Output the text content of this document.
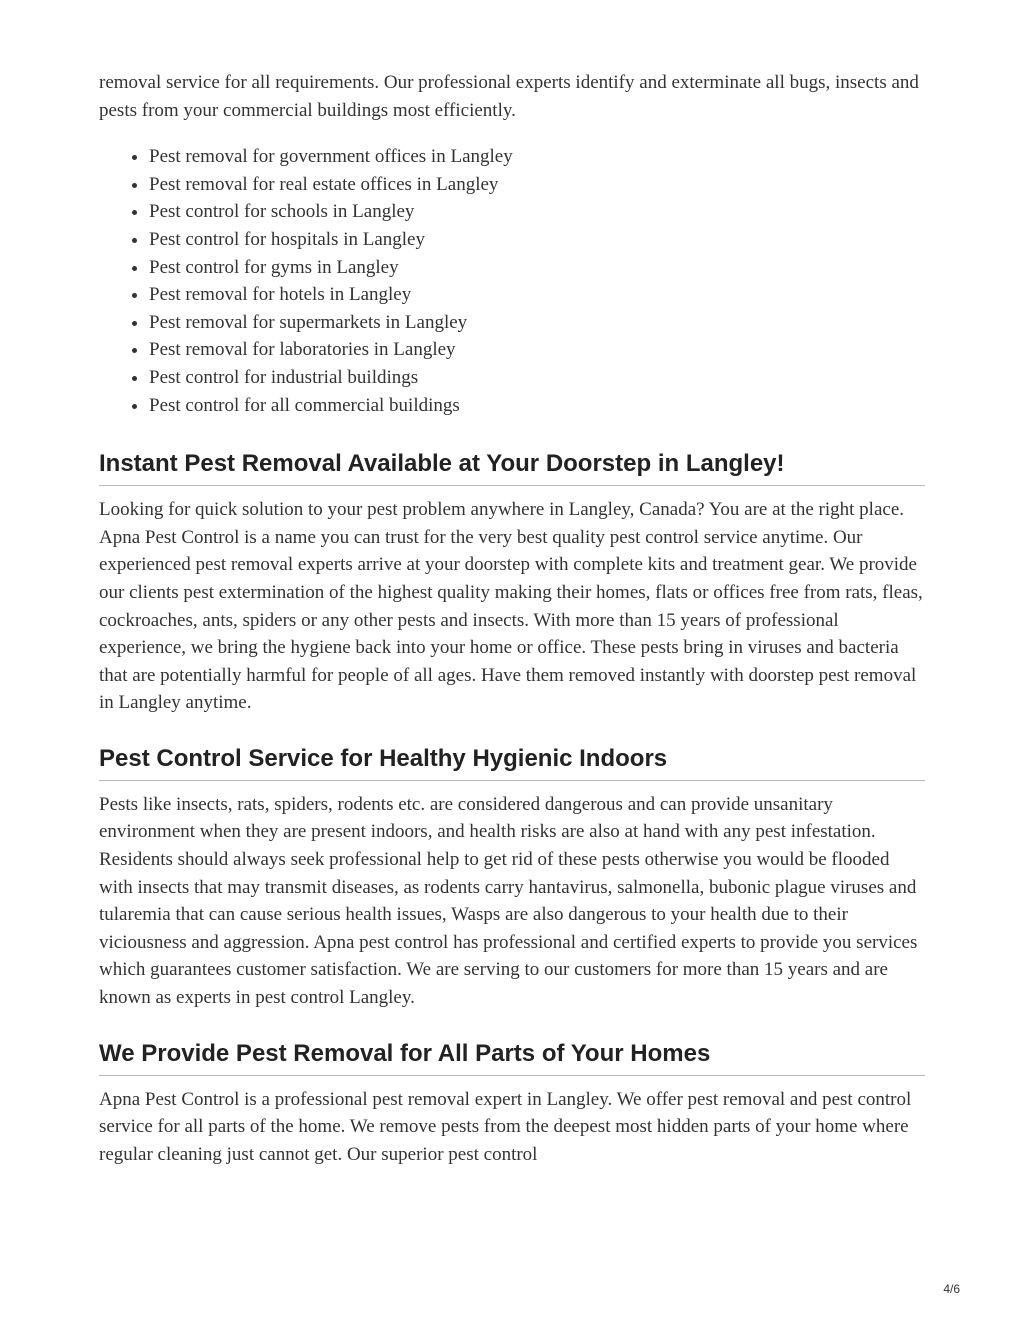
removal service for all requirements. Our professional experts identify and exterminate all bugs, insects and pests from your commercial buildings most efficiently.

• Pest removal for government offices in Langley
• Pest removal for real estate offices in Langley
• Pest control for schools in Langley
• Pest control for hospitals in Langley
• Pest control for gyms in Langley
• Pest removal for hotels in Langley
• Pest removal for supermarkets in Langley
• Pest removal for laboratories in Langley
• Pest control for industrial buildings
• Pest control for all commercial buildings
Instant Pest Removal Available at Your Doorstep in Langley!

Looking for quick solution to your pest problem anywhere in Langley, Canada? You are at the right place. Apna Pest Control is a name you can trust for the very best quality pest control service anytime. Our experienced pest removal experts arrive at your doorstep with complete kits and treatment gear. We provide our clients pest extermination of the highest quality making their homes, flats or offices free from rats, fleas, cockroaches, ants, spiders or any other pests and insects. With more than 15 years of professional experience, we bring the hygiene back into your home or office. These pests bring in viruses and bacteria that are potentially harmful for people of all ages. Have them removed instantly with doorstep pest removal in Langley anytime.

Pest Control Service for Healthy Hygienic Indoors

Pests like insects, rats, spiders, rodents etc. are considered dangerous and can provide unsanitary environment when they are present indoors, and health risks are also at hand with any pest infestation. Residents should always seek professional help to get rid of these pests otherwise you would be flooded with insects that may transmit diseases, as rodents carry hantavirus, salmonella, bubonic plague viruses and tularemia that can cause serious health issues, Wasps are also dangerous to your health due to their viciousness and aggression. Apna pest control has professional and certified experts to provide you services which guarantees customer satisfaction. We are serving to our customers for more than 15 years and are known as experts in pest control Langley.

We Provide Pest Removal for All Parts of Your Homes

Apna Pest Control is a professional pest removal expert in Langley. We offer pest removal and pest control service for all parts of the home. We remove pests from the deepest most hidden parts of your home where regular cleaning just cannot get. Our superior pest control

4/6
